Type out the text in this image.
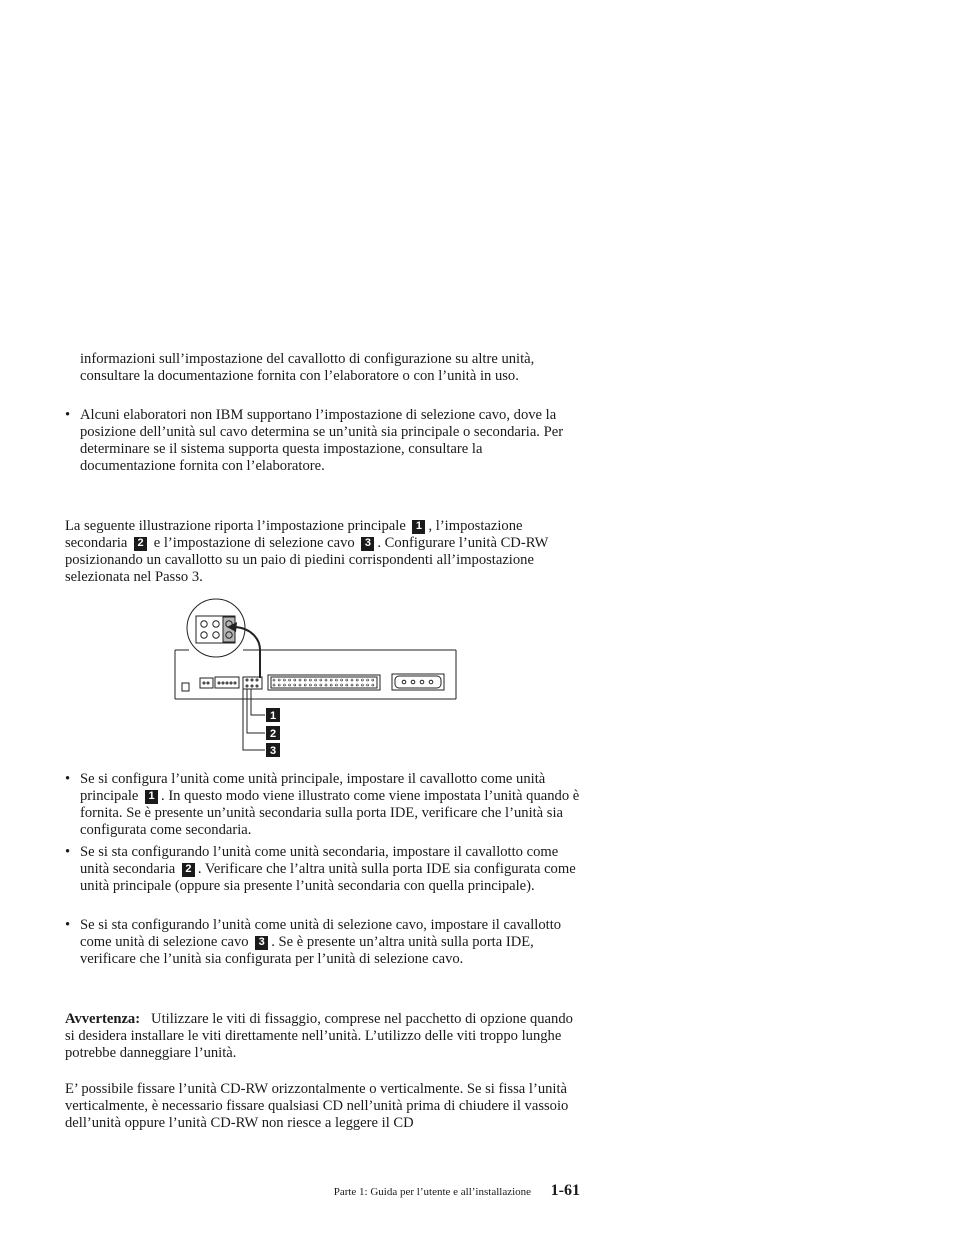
informazioni sull’impostazione del cavallotto di configurazione su altre unità, consultare la documentazione fornita con l’elaboratore o con l’unità in uso.

• Alcuni elaboratori non IBM supportano l’impostazione di selezione cavo, dove la posizione dell’unità sul cavo determina se un’unità sia principale o secondaria. Per determinare se il sistema supporta questa impostazione, consultare la documentazione fornita con l’elaboratore.

La seguente illustrazione riporta l’impostazione principale 1 , l’impostazione secondaria 2 e l’impostazione di selezione cavo 3 . Configurare l’unità CD-RW posizionando un cavallotto su un paio di piedini corrispondenti all’impostazione selezionata nel Passo 3.

1
2
3
• Se si configura l’unità come unità principale, impostare il cavallotto come unità principale 1 . In questo modo viene illustrato come viene impostata l’unità quando è fornita. Se è presente un’unità secondaria sulla porta IDE, verificare che l’unità sia configurata come secondaria.
• Se si sta configurando l’unità come unità secondaria, impostare il cavallotto come unità secondaria 2 . Verificare che l’altra unità sulla porta IDE sia configurata come unità principale (oppure sia presente l’unità secondaria con quella principale).
• Se si sta configurando l’unità come unità di selezione cavo, impostare il cavallotto come unità di selezione cavo 3 . Se è presente un’altra unità sulla porta IDE, verificare che l’unità sia configurata per l’unità di selezione cavo.

Avvertenza: Utilizzare le viti di fissaggio, comprese nel pacchetto di opzione quando si desidera installare le viti direttamente nell’unità. L’utilizzo delle viti troppo lunghe potrebbe danneggiare l’unità.

E’ possibile fissare l’unità CD-RW orizzontalmente o verticalmente. Se si fissa l’unità verticalmente, è necessario fissare qualsiasi CD nell’unità prima di chiudere il vassoio dell’unità oppure l’unità CD-RW non riesce a leggere il CD

Parte 1: Guida per l’utente e all’installazione 1-61
